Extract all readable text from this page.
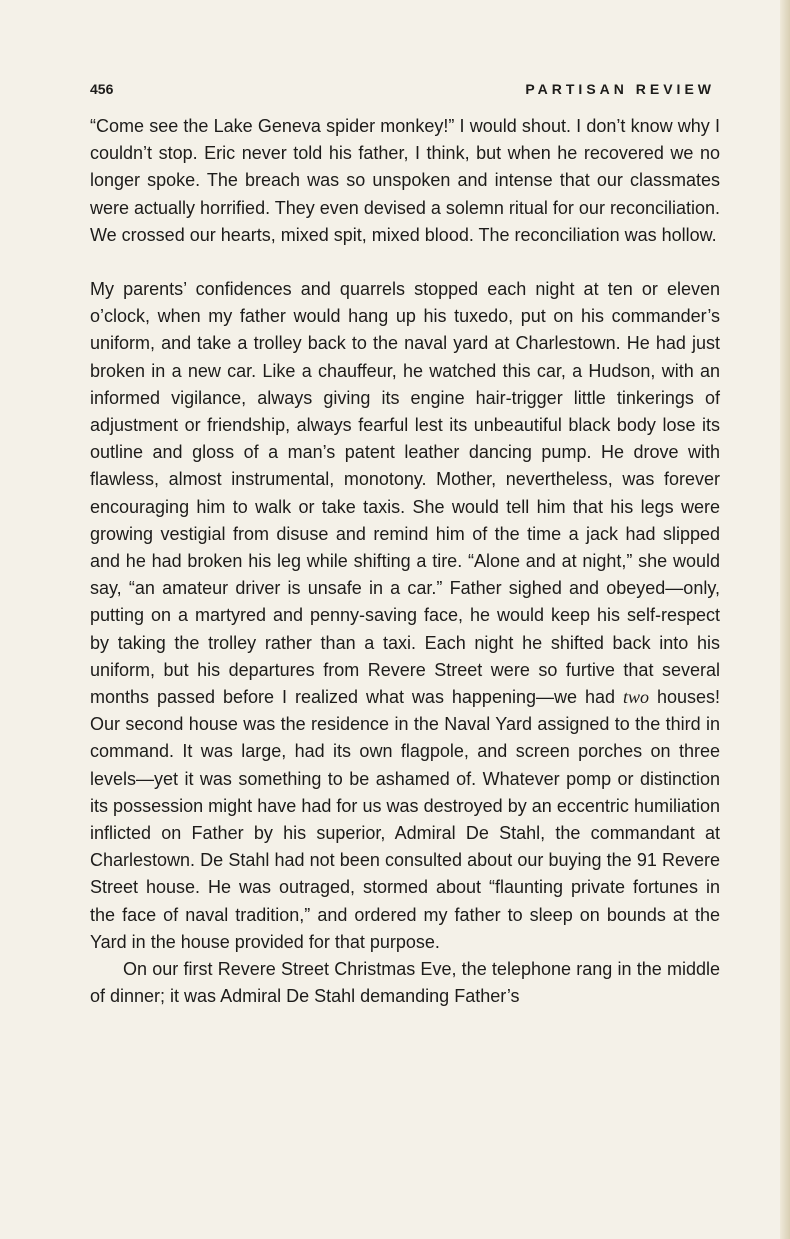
456	PARTISAN REVIEW

“Come see the Lake Geneva spider monkey!” I would shout. I don’t know why I couldn’t stop. Eric never told his father, I think, but when he recovered we no longer spoke. The breach was so unspoken and intense that our classmates were actually horrified. They even devised a solemn ritual for our reconciliation. We crossed our hearts, mixed spit, mixed blood. The reconciliation was hollow.

My parents’ confidences and quarrels stopped each night at ten or eleven o’clock, when my father would hang up his tuxedo, put on his commander’s uniform, and take a trolley back to the naval yard at Charlestown. He had just broken in a new car. Like a chauffeur, he watched this car, a Hudson, with an informed vigilance, always giving its engine hair-trigger little tinkerings of adjustment or friendship, always fearful lest its unbeautiful black body lose its outline and gloss of a man’s patent leather dancing pump. He drove with flawless, almost instrumental, monotony. Mother, nevertheless, was forever encouraging him to walk or take taxis. She would tell him that his legs were growing vestigial from disuse and remind him of the time a jack had slipped and he had broken his leg while shifting a tire. “Alone and at night,” she would say, “an amateur driver is unsafe in a car.” Father sighed and obeyed—only, putting on a martyred and penny-saving face, he would keep his self-respect by taking the trolley rather than a taxi. Each night he shifted back into his uniform, but his departures from Revere Street were so furtive that several months passed before I realized what was happening—we had two houses! Our second house was the residence in the Naval Yard assigned to the third in command. It was large, had its own flagpole, and screen porches on three levels—yet it was something to be ashamed of. Whatever pomp or distinction its possession might have had for us was destroyed by an eccentric humiliation inflicted on Father by his superior, Admiral De Stahl, the commandant at Charlestown. De Stahl had not been consulted about our buying the 91 Revere Street house. He was outraged, stormed about “flaunting private fortunes in the face of naval tradition,” and ordered my father to sleep on bounds at the Yard in the house provided for that purpose.

On our first Revere Street Christmas Eve, the telephone rang in the middle of dinner; it was Admiral De Stahl demanding Father’s
